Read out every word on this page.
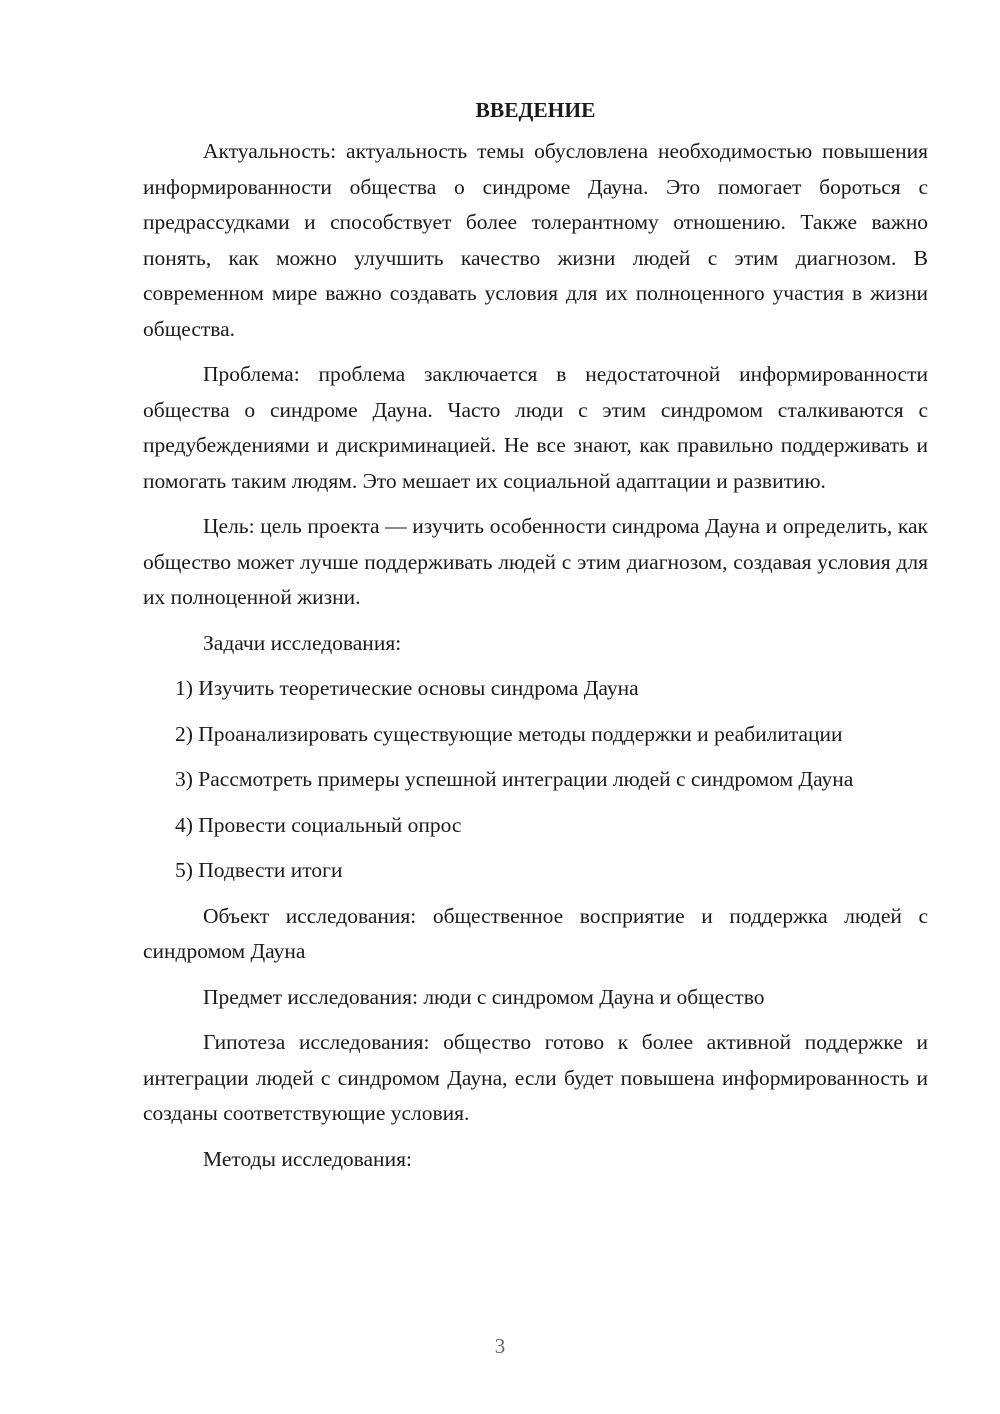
ВВЕДЕНИЕ

Актуальность: актуальность темы обусловлена необходимостью повышения информированности общества о синдроме Дауна. Это помогает бороться с предрассудками и способствует более толерантному отношению. Также важно понять, как можно улучшить качество жизни людей с этим диагнозом. В современном мире важно создавать условия для их полноценного участия в жизни общества.

Проблема: проблема заключается в недостаточной информированности общества о синдроме Дауна. Часто люди с этим синдромом сталкиваются с предубеждениями и дискриминацией. Не все знают, как правильно поддерживать и помогать таким людям. Это мешает их социальной адаптации и развитию.

Цель: цель проекта — изучить особенности синдрома Дауна и определить, как общество может лучше поддерживать людей с этим диагнозом, создавая условия для их полноценной жизни.

Задачи исследования:

1) Изучить теоретические основы синдрома Дауна

2) Проанализировать существующие методы поддержки и реабилитации

3) Рассмотреть примеры успешной интеграции людей с синдромом Дауна

4) Провести социальный опрос

5) Подвести итоги

Объект исследования: общественное восприятие и поддержка людей с синдромом Дауна

Предмет исследования: люди с синдромом Дауна и общество

Гипотеза исследования: общество готово к более активной поддержке и интеграции людей с синдромом Дауна, если будет повышена информированность и созданы соответствующие условия.

Методы исследования:

3
